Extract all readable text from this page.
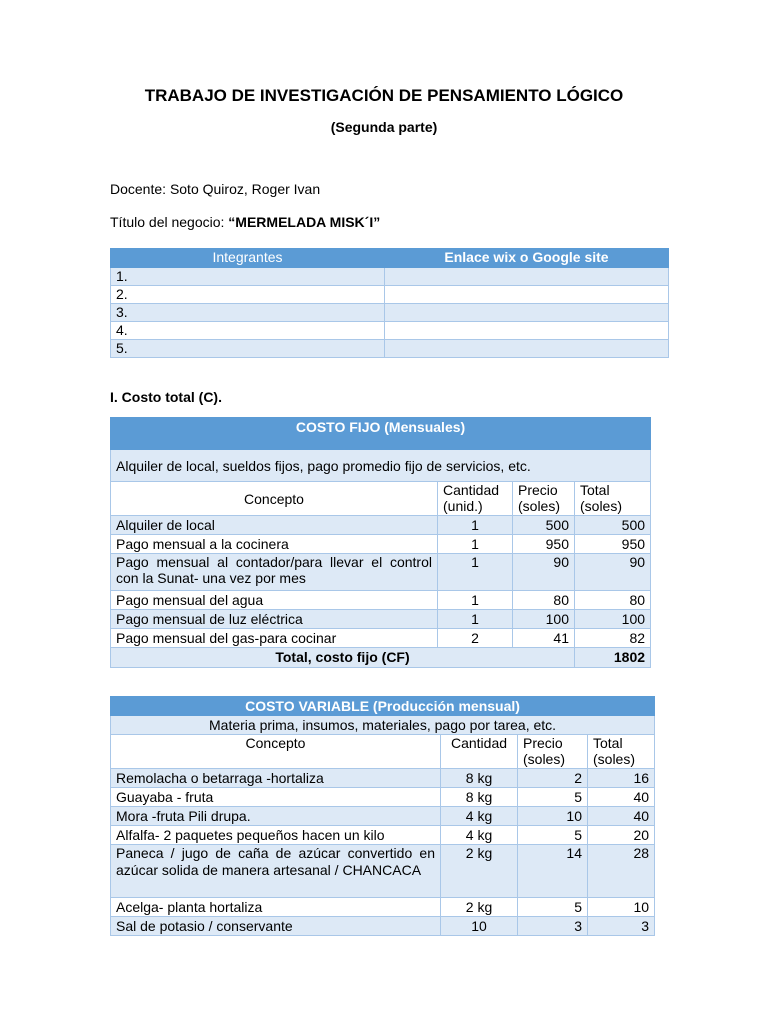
TRABAJO DE INVESTIGACIÓN DE PENSAMIENTO LÓGICO
(Segunda parte)
Docente: Soto Quiroz, Roger Ivan
Título del negocio: “MERMELADA MISK´I”
Integrantes	Enlace wix o Google site
1.	
2.	
3.	
4.	
5.	
I. Costo total (C).
COSTO FIJO (Mensuales)			
Alquiler de local, sueldos fijos, pago promedio fijo de servicios, etc.			
Concepto	Cantidad (unid.)	Precio (soles)	Total (soles)
Alquiler de local	1	500	500
Pago mensual a la cocinera	1	950	950
Pago mensual al contador/para llevar el control con la Sunat- una vez por mes	1	90	90
Pago mensual del agua	1	80	80
Pago mensual de luz eléctrica	1	100	100
Pago mensual del gas-para cocinar	2	41	82
Total, costo fijo (CF)			1802
COSTO VARIABLE (Producción mensual)			
Materia prima, insumos, materiales, pago por tarea, etc.			
Concepto	Cantidad	Precio (soles)	Total (soles)
Remolacha o betarraga -hortaliza	8 kg	2	16
Guayaba - fruta	8 kg	5	40
Mora -fruta Pili drupa.	4 kg	10	40
Alfalfa- 2 paquetes pequeños hacen un kilo	4 kg	5	20
Paneca / jugo de caña de azúcar convertido en azúcar solida de manera artesanal / CHANCACA	2 kg	14	28
Acelga- planta hortaliza	2 kg	5	10
Sal de potasio / conservante	10	3	3
